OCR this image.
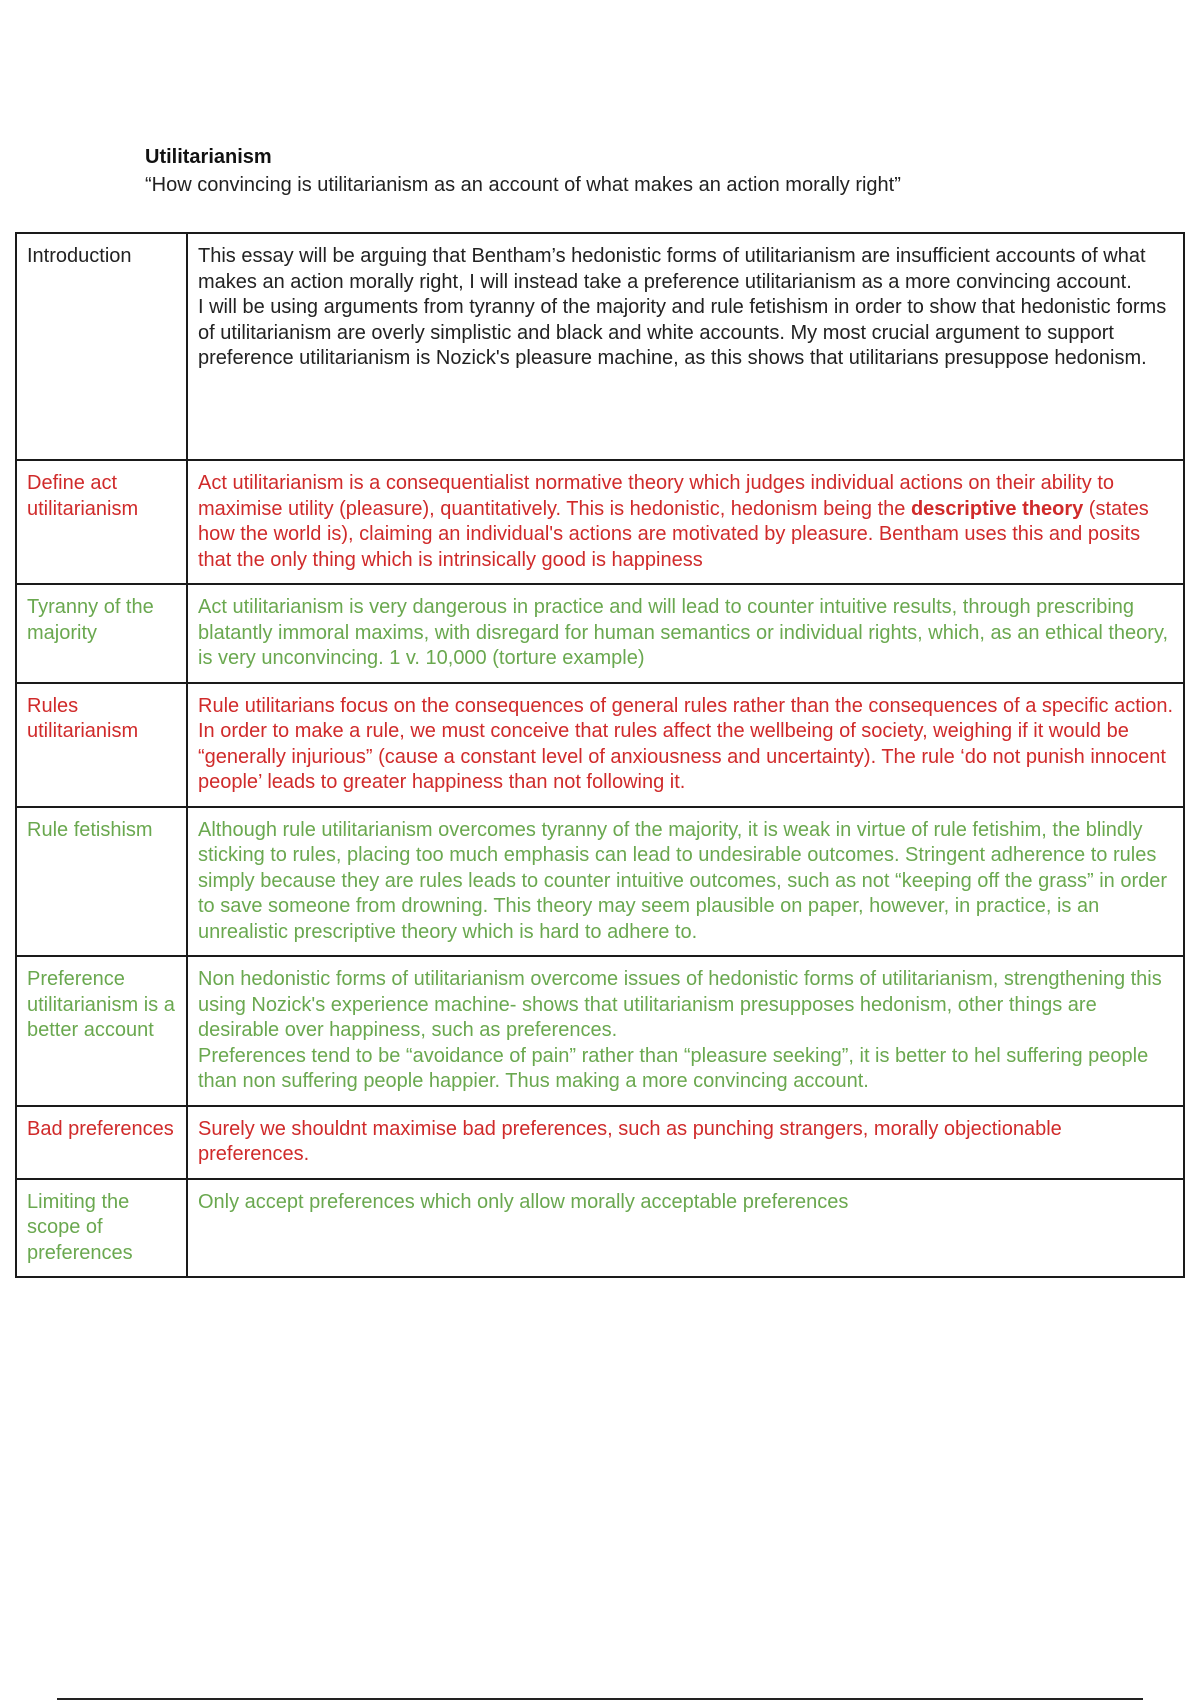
Utilitarianism
“How convincing is utilitarianism as an account of what makes an action morally right”
Introduction	This essay will be arguing that Bentham’s hedonistic forms of utilitarianism are insufficient accounts of what makes an action morally right, I will instead take a preference utilitarianism as a more convincing account.
I will be using arguments from tyranny of the majority and rule fetishism in order to show that hedonistic forms of utilitarianism are overly simplistic and black and white accounts. My most crucial argument to support preference utilitarianism is Nozick's pleasure machine, as this shows that utilitarians presuppose hedonism.

Define act utilitarianism	Act utilitarianism is a consequentialist normative theory which judges individual actions on their ability to maximise utility (pleasure), quantitatively. This is hedonistic, hedonism being the descriptive theory (states how the world is), claiming an individual's actions are motivated by pleasure. Bentham uses this and posits that the only thing which is intrinsically good is happiness
Tyranny of the majority	Act utilitarianism is very dangerous in practice and will lead to counter intuitive results, through prescribing blatantly immoral maxims, with disregard for human semantics or individual rights, which, as an ethical theory, is very unconvincing. 1 v. 10,000 (torture example)
Rules utilitarianism	Rule utilitarians focus on the consequences of general rules rather than the consequences of a specific action. In order to make a rule, we must conceive that rules affect the wellbeing of society, weighing if it would be “generally injurious” (cause a constant level of anxiousness and uncertainty). The rule ‘do not punish innocent people’ leads to greater happiness than not following it.
Rule fetishism	Although rule utilitarianism overcomes tyranny of the majority, it is weak in virtue of rule fetishim, the blindly sticking to rules, placing too much emphasis can lead to undesirable outcomes. Stringent adherence to rules simply because they are rules leads to counter intuitive outcomes, such as not “keeping off the grass” in order to save someone from drowning. This theory may seem plausible on paper, however, in practice, is an unrealistic prescriptive theory which is hard to adhere to.
Preference utilitarianism is a better account	Non hedonistic forms of utilitarianism overcome issues of hedonistic forms of utilitarianism, strengthening this using Nozick's experience machine- shows that utilitarianism presupposes hedonism, other things are desirable over happiness, such as preferences.
Preferences tend to be “avoidance of pain” rather than “pleasure seeking”, it is better to hel suffering people than non suffering people happier. Thus making a more convincing account.

Bad preferences	Surely we shouldnt maximise bad preferences, such as punching strangers, morally objectionable preferences.
Limiting the scope of preferences	Only accept preferences which only allow morally acceptable preferences
